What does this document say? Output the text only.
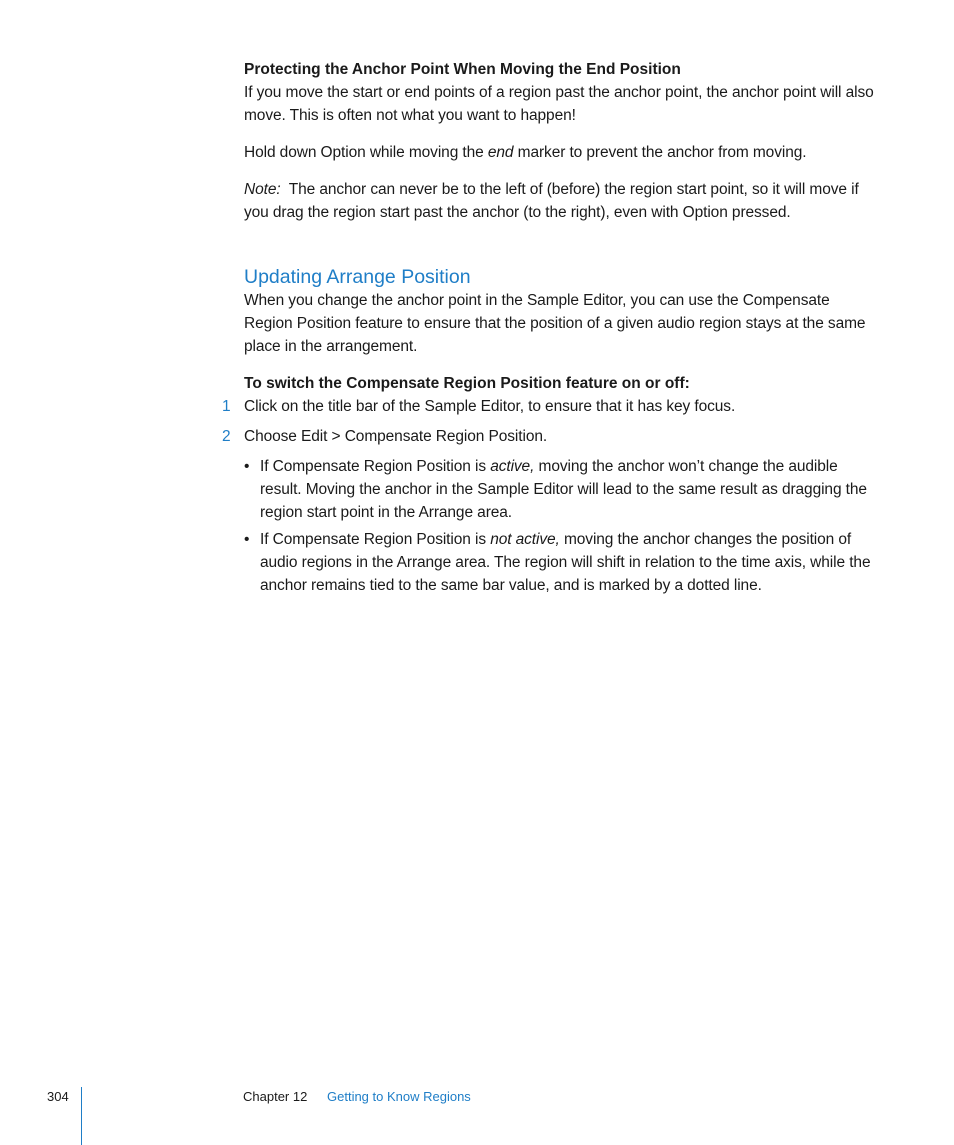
Protecting the Anchor Point When Moving the End Position
If you move the start or end points of a region past the anchor point, the anchor point will also move. This is often not what you want to happen!
Hold down Option while moving the end marker to prevent the anchor from moving.
Note: The anchor can never be to the left of (before) the region start point, so it will move if you drag the region start past the anchor (to the right), even with Option pressed.
Updating Arrange Position
When you change the anchor point in the Sample Editor, you can use the Compensate Region Position feature to ensure that the position of a given audio region stays at the same place in the arrangement.
To switch the Compensate Region Position feature on or off:
1 Click on the title bar of the Sample Editor, to ensure that it has key focus.
2 Choose Edit > Compensate Region Position.
• If Compensate Region Position is active, moving the anchor won’t change the audible result. Moving the anchor in the Sample Editor will lead to the same result as dragging the region start point in the Arrange area.
• If Compensate Region Position is not active, moving the anchor changes the position of audio regions in the Arrange area. The region will shift in relation to the time axis, while the anchor remains tied to the same bar value, and is marked by a dotted line.
304	Chapter 12 Getting to Know Regions
